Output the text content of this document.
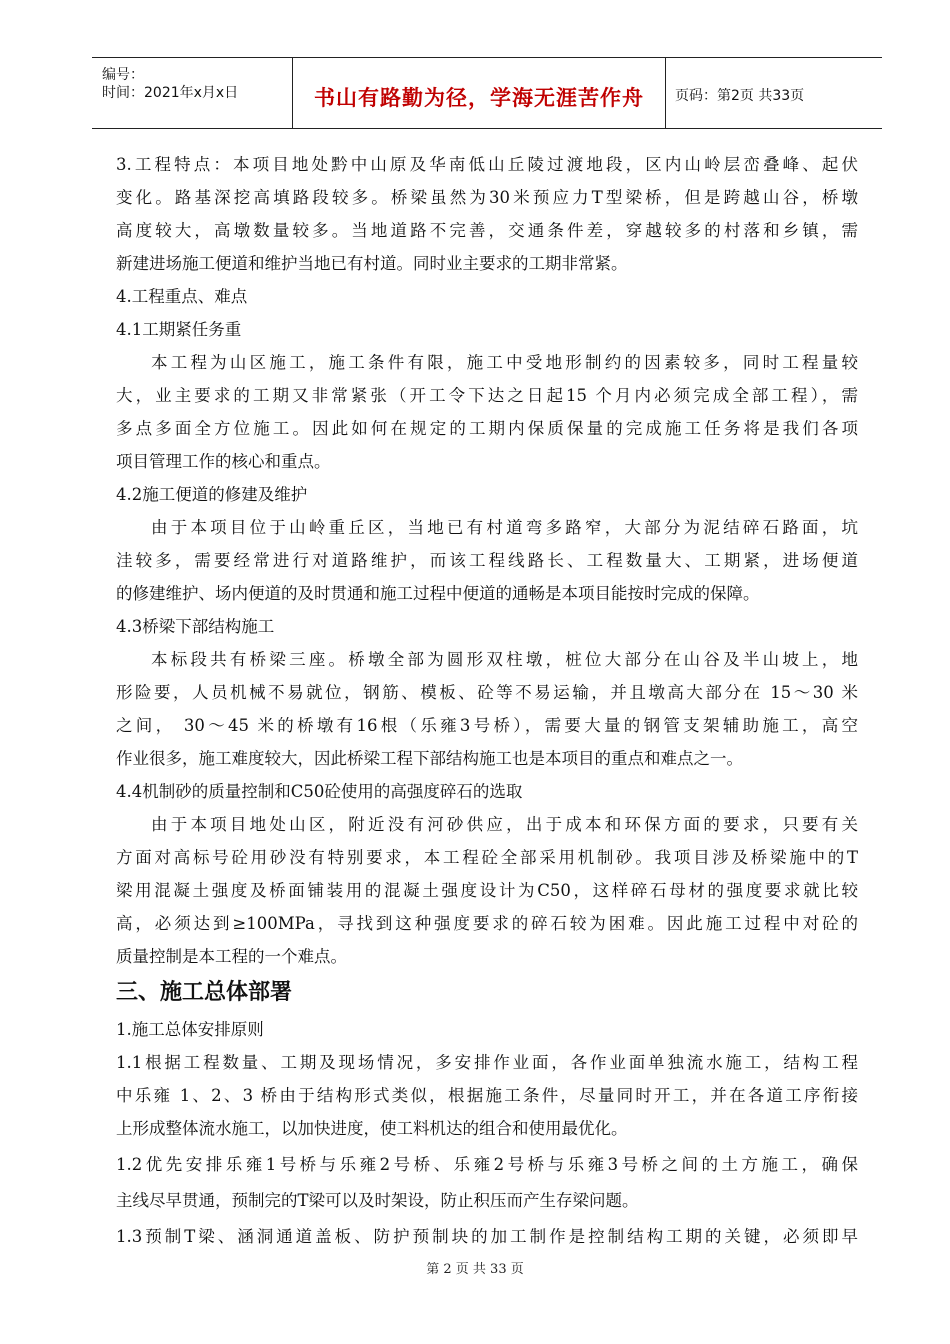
编号：
时间：2021年x月x日	书山有路勤为径，学海无涯苦作舟	页码：第2页 共33页
3.工程特点：本项目地处黔中山原及华南低山丘陵过渡地段，区内山岭层峦叠峰、起伏
变化。路基深挖高填路段较多。桥梁虽然为30米预应力T型梁桥，但是跨越山谷，桥墩
高度较大，高墩数量较多。当地道路不完善，交通条件差，穿越较多的村落和乡镇，需
新建进场施工便道和维护当地已有村道。同时业主要求的工期非常紧。
4.工程重点、难点
4.1工期紧任务重
本工程为山区施工，施工条件有限，施工中受地形制约的因素较多，同时工程量较
大，业主要求的工期又非常紧张（开工令下达之日起15 个月内必须完成全部工程），需
多点多面全方位施工。因此如何在规定的工期内保质保量的完成施工任务将是我们各项
项目管理工作的核心和重点。
4.2施工便道的修建及维护
由于本项目位于山岭重丘区，当地已有村道弯多路窄，大部分为泥结碎石路面，坑
洼较多，需要经常进行对道路维护，而该工程线路长、工程数量大、工期紧，进场便道
的修建维护、场内便道的及时贯通和施工过程中便道的通畅是本项目能按时完成的保障。
4.3桥梁下部结构施工
本标段共有桥梁三座。桥墩全部为圆形双柱墩，桩位大部分在山谷及半山坡上，地
形险要，人员机械不易就位，钢筋、模板、砼等不易运输，并且墩高大部分在 15～30 米
之间， 30～45 米的桥墩有16根（乐雍3号桥），需要大量的钢管支架辅助施工，高空
作业很多，施工难度较大，因此桥梁工程下部结构施工也是本项目的重点和难点之一。
4.4机制砂的质量控制和C50砼使用的高强度碎石的选取
由于本项目地处山区，附近没有河砂供应，出于成本和环保方面的要求，只要有关
方面对高标号砼用砂没有特别要求，本工程砼全部采用机制砂。我项目涉及桥梁施中的T
梁用混凝土强度及桥面铺装用的混凝土强度设计为C50，这样碎石母材的强度要求就比较
高，必须达到≥100MPa，寻找到这种强度要求的碎石较为困难。因此施工过程中对砼的
质量控制是本工程的一个难点。
三、施工总体部署
1.施工总体安排原则
1.1根据工程数量、工期及现场情况，多安排作业面，各作业面单独流水施工，结构工程
中乐雍 1、2、3 桥由于结构形式类似，根据施工条件，尽量同时开工，并在各道工序衔接
上形成整体流水施工，以加快进度，使工料机达的组合和使用最优化。
1.2优先安排乐雍1号桥与乐雍2号桥、乐雍2号桥与乐雍3号桥之间的土方施工，确保
主线尽早贯通，预制完的T梁可以及时架设，防止积压而产生存梁问题。
1.3预制T梁、涵洞通道盖板、防护预制块的加工制作是控制结构工期的关键，必须即早
第 2 页 共 33 页
